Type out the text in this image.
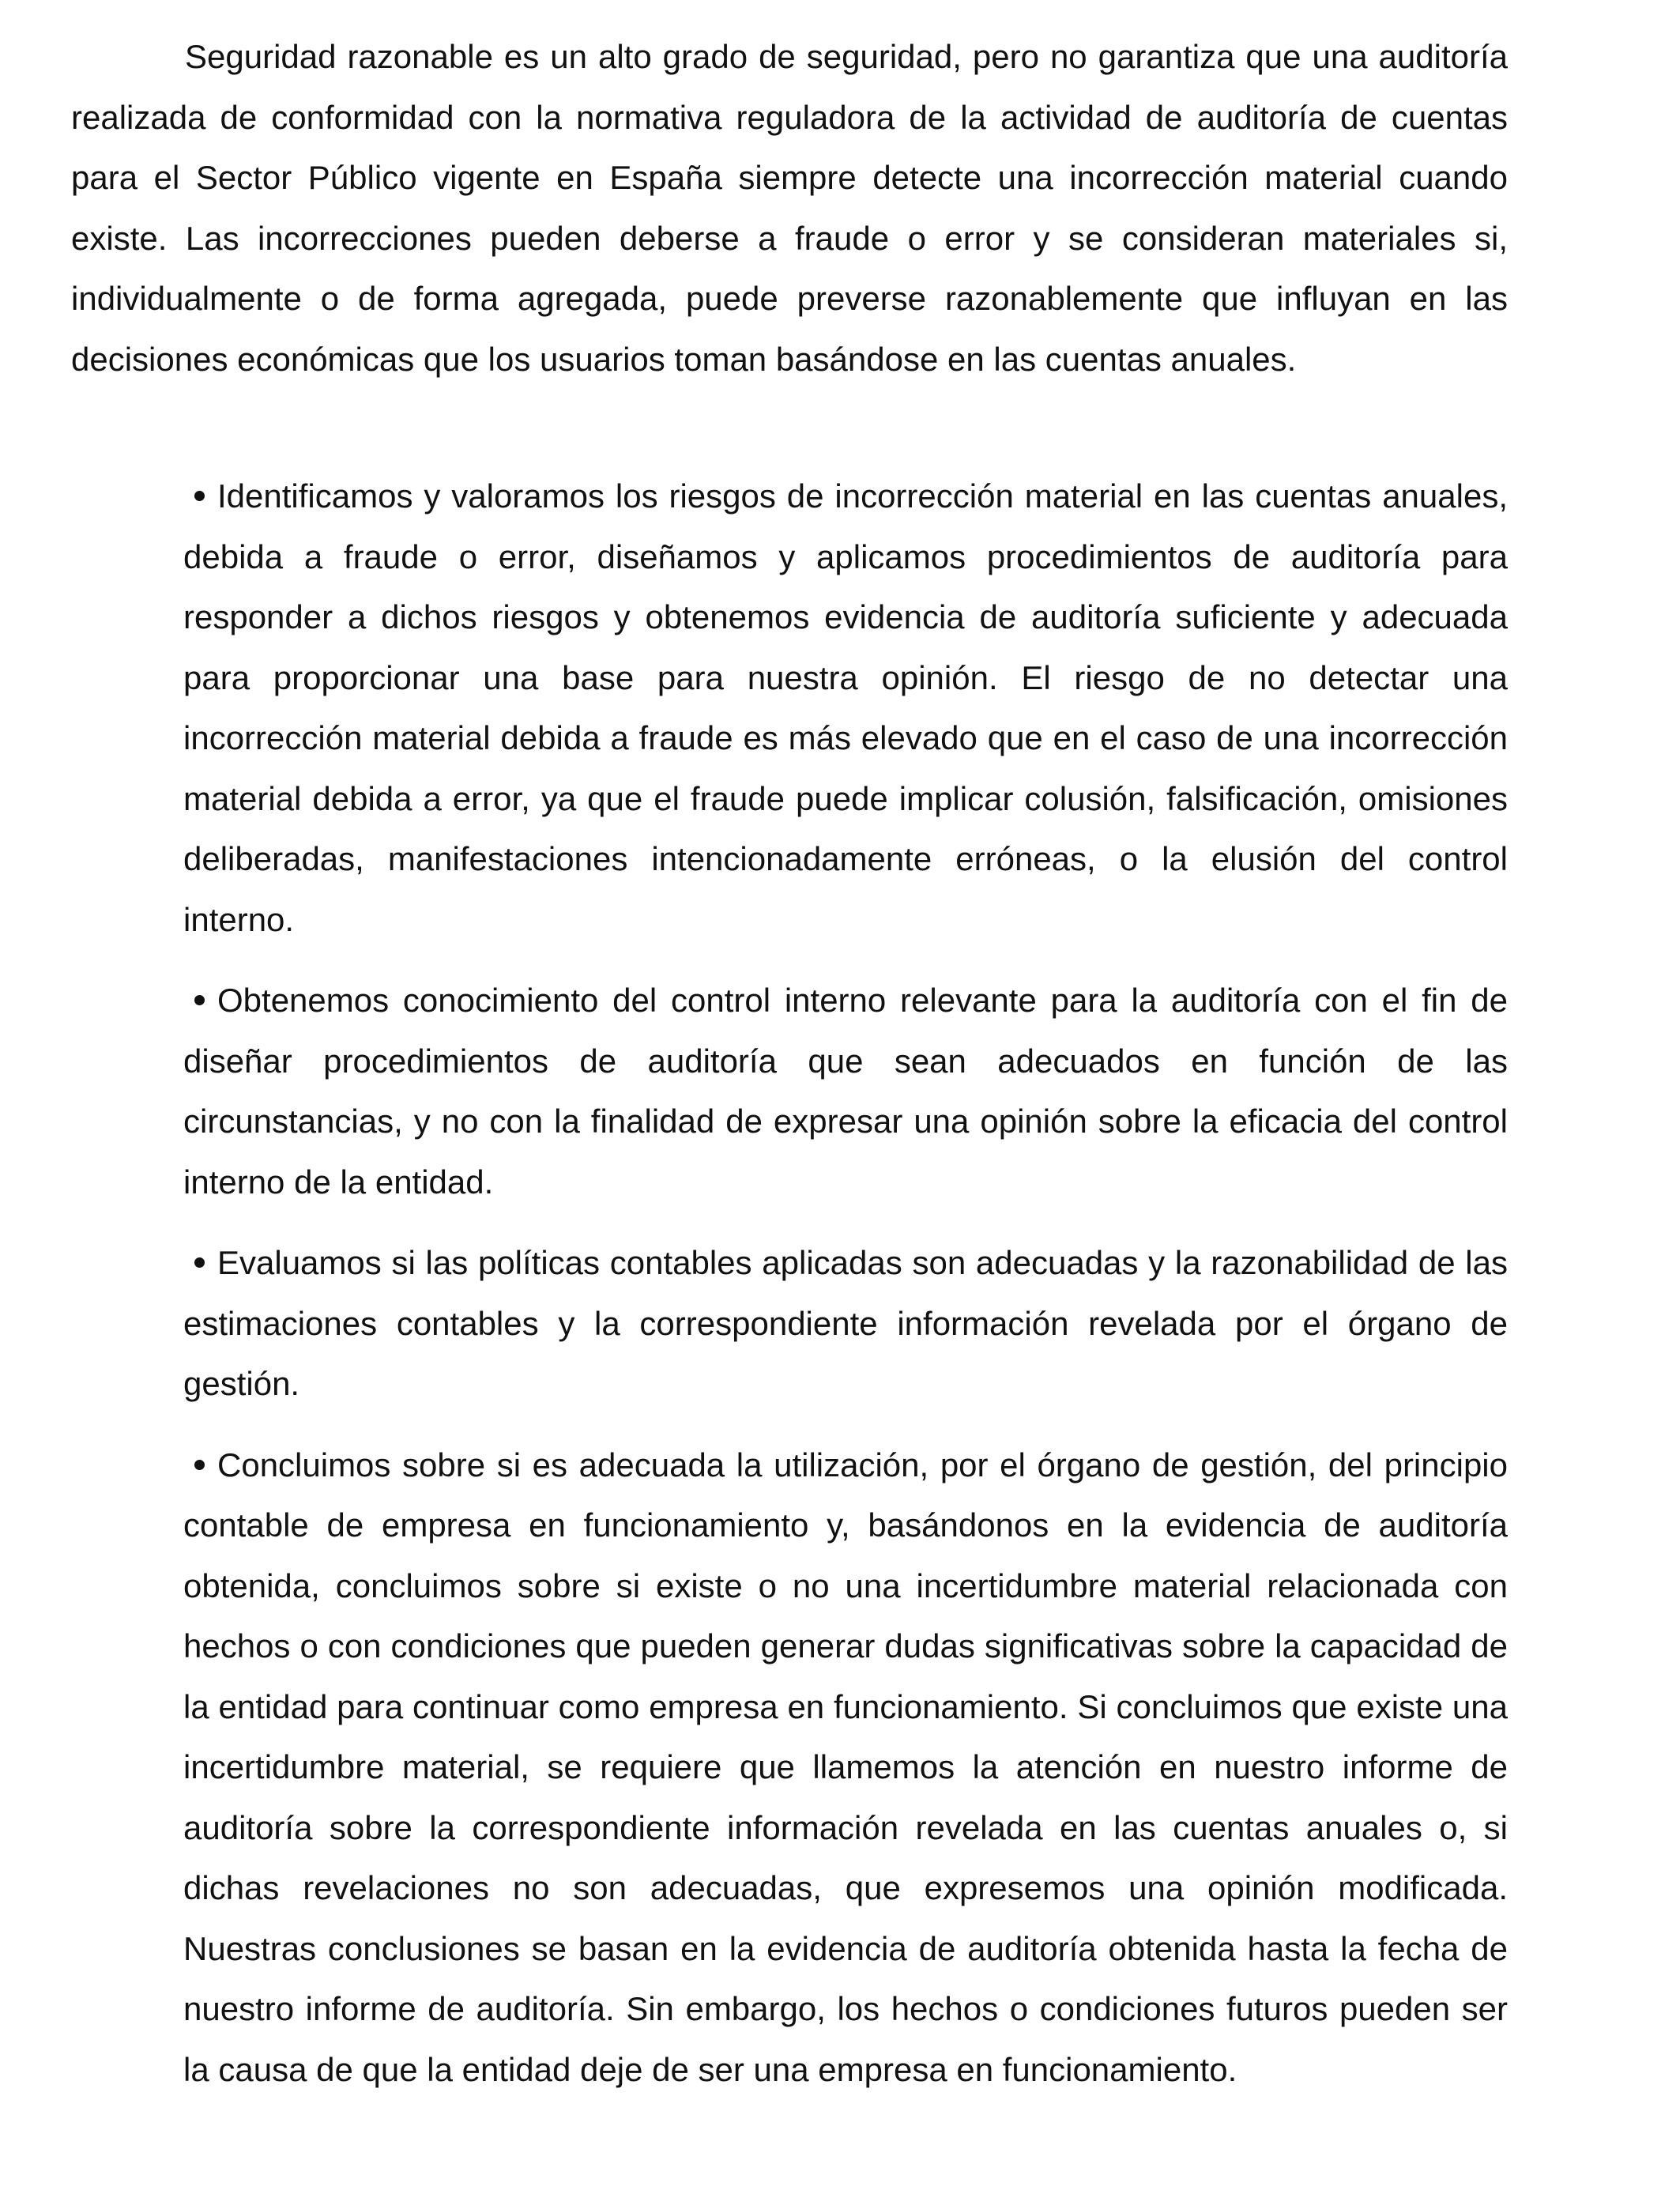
Seguridad razonable es un alto grado de seguridad, pero no garantiza que una auditoría realizada de conformidad con la normativa reguladora de la actividad de auditoría de cuentas para el Sector Público vigente en España siempre detecte una incorrección material cuando existe. Las incorrecciones pueden deberse a fraude o error y se consideran materiales si, individualmente o de forma agregada, puede preverse razonablemente que influyan en las decisiones económicas que los usuarios toman basándose en las cuentas anuales.

Identificamos y valoramos los riesgos de incorrección material en las cuentas anuales, debida a fraude o error, diseñamos y aplicamos procedimientos de auditoría para responder a dichos riesgos y obtenemos evidencia de auditoría suficiente y adecuada para proporcionar una base para nuestra opinión. El riesgo de no detectar una incorrección material debida a fraude es más elevado que en el caso de una incorrección material debida a error, ya que el fraude puede implicar colusión, falsificación, omisiones deliberadas, manifestaciones intencionadamente erróneas, o la elusión del control interno.
Obtenemos conocimiento del control interno relevante para la auditoría con el fin de diseñar procedimientos de auditoría que sean adecuados en función de las circunstancias, y no con la finalidad de expresar una opinión sobre la eficacia del control interno de la entidad.
Evaluamos si las políticas contables aplicadas son adecuadas y la razonabilidad de las estimaciones contables y la correspondiente información revelada por el órgano de gestión.
Concluimos sobre si es adecuada la utilización, por el órgano de gestión, del principio contable de empresa en funcionamiento y, basándonos en la evidencia de auditoría obtenida, concluimos sobre si existe o no una incertidumbre material relacionada con hechos o con condiciones que pueden generar dudas significativas sobre la capacidad de la entidad para continuar como empresa en funcionamiento. Si concluimos que existe una incertidumbre material, se requiere que llamemos la atención en nuestro informe de auditoría sobre la correspondiente información revelada en las cuentas anuales o, si dichas revelaciones no son adecuadas, que expresemos una opinión modificada. Nuestras conclusiones se basan en la evidencia de auditoría obtenida hasta la fecha de nuestro informe de auditoría. Sin embargo, los hechos o condiciones futuros pueden ser la causa de que la entidad deje de ser una empresa en funcionamiento.
